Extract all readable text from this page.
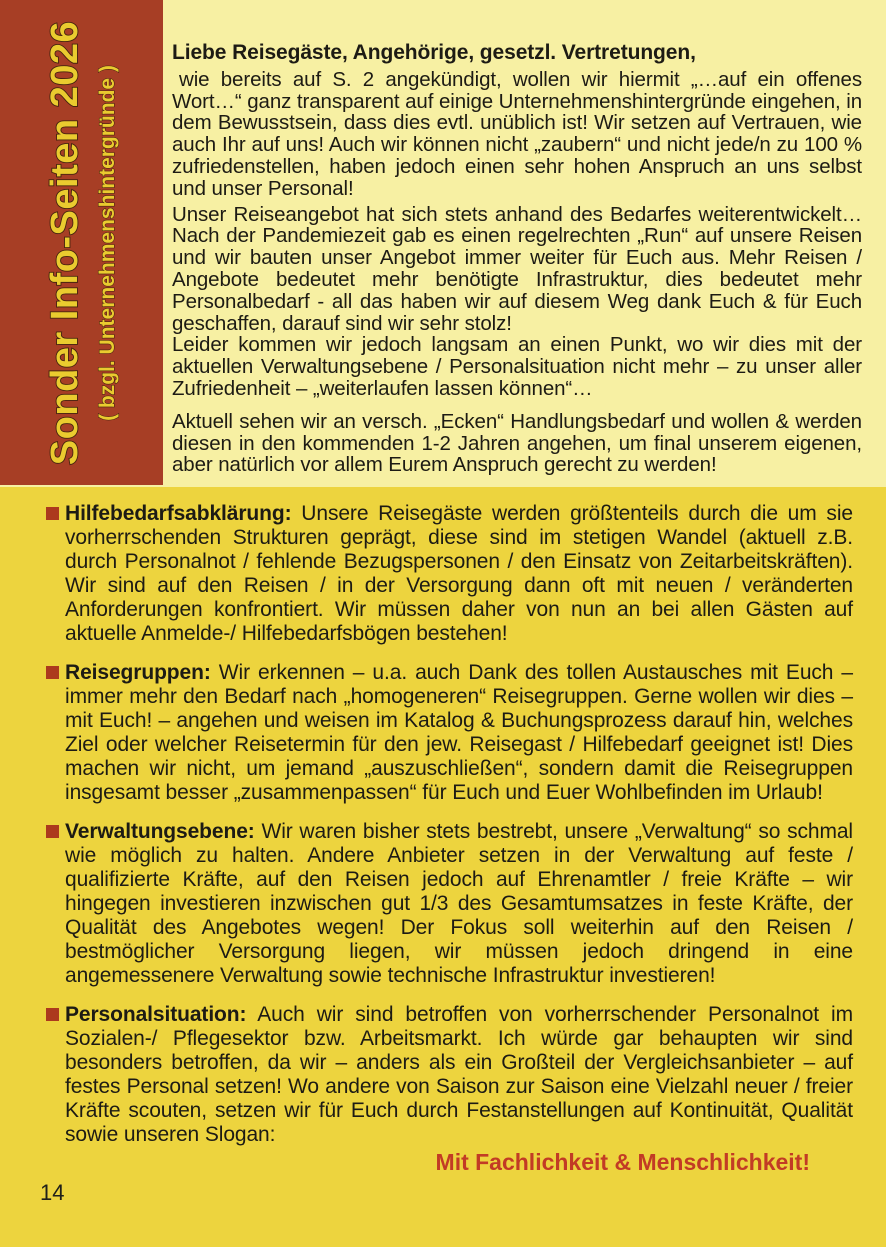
Liebe Reisegäste, Angehörige, gesetzl. Vertretungen,

wie bereits auf S. 2 angekündigt, wollen wir hiermit „…auf ein offenes Wort…“ ganz transparent auf einige Unternehmenshintergründe eingehen, in dem Bewusstsein, dass dies evtl. unüblich ist! Wir setzen auf Vertrauen, wie auch Ihr auf uns! Auch wir können nicht „zaubern“ und nicht jede/n zu 100 % zufriedenstellen, haben jedoch einen sehr hohen Anspruch an uns selbst und unser Personal!

Unser Reiseangebot hat sich stets anhand des Bedarfes weiterentwickelt… Nach der Pandemiezeit gab es einen regelrechten „Run“ auf unsere Reisen und wir bauten unser Angebot immer weiter für Euch aus. Mehr Reisen / Angebote bedeutet mehr benötigte Infrastruktur, dies bedeutet mehr Personalbedarf - all das haben wir auf diesem Weg dank Euch & für Euch geschaffen, darauf sind wir sehr stolz!

Leider kommen wir jedoch langsam an einen Punkt, wo wir dies mit der aktuellen Verwaltungsebene / Personalsituation nicht mehr – zu unser aller Zufriedenheit – „weiterlaufen lassen können“…

Aktuell sehen wir an versch. „Ecken“ Handlungsbedarf und wollen & werden diesen in den kommenden 1-2 Jahren angehen, um final unserem eigenen, aber natürlich vor allem Eurem Anspruch gerecht zu werden!

Sonder Info-Seiten 2026 ( bzgl. Unternehmenshintergründe )
Hilfebedarfsabklärung: Unsere Reisegäste werden größtenteils durch die um sie vorherrschenden Strukturen geprägt, diese sind im stetigen Wandel (aktuell z.B. durch Personalnot / fehlende Bezugspersonen / den Einsatz von Zeitarbeitskräften). Wir sind auf den Reisen / in der Versorgung dann oft mit neuen / veränderten Anforderungen konfrontiert. Wir müssen daher von nun an bei allen Gästen auf aktuelle Anmelde-/ Hilfebedarfsbögen bestehen!
Reisegruppen: Wir erkennen – u.a. auch Dank des tollen Austausches mit Euch – immer mehr den Bedarf nach „homogeneren“ Reisegruppen. Gerne wollen wir dies – mit Euch! – angehen und weisen im Katalog & Buchungsprozess darauf hin, welches Ziel oder welcher Reisetermin für den jew. Reisegast / Hilfebedarf geeignet ist! Dies machen wir nicht, um jemand „auszuschließen“, sondern damit die Reisegruppen insgesamt besser „zusammenpassen“ für Euch und Euer Wohlbefinden im Urlaub!
Verwaltungsebene: Wir waren bisher stets bestrebt, unsere „Verwaltung“ so schmal wie möglich zu halten. Andere Anbieter setzen in der Verwaltung auf feste / qualifizierte Kräfte, auf den Reisen jedoch auf Ehrenamtler / freie Kräfte – wir hingegen investieren inzwischen gut 1/3 des Gesamtumsatzes in feste Kräfte, der Qualität des Angebotes wegen! Der Fokus soll weiterhin auf den Reisen / bestmöglicher Versorgung liegen, wir müssen jedoch dringend in eine angemessenere Verwaltung sowie technische Infrastruktur investieren!
Personalsituation: Auch wir sind betroffen von vorherrschender Personalnot im Sozialen-/ Pflegesektor bzw. Arbeitsmarkt. Ich würde gar behaupten wir sind besonders betroffen, da wir – anders als ein Großteil der Vergleichsanbieter – auf festes Personal setzen! Wo andere von Saison zur Saison eine Vielzahl neuer / freier Kräfte scouten, setzen wir für Euch durch Festanstellungen auf Kontinuität, Qualität sowie unseren Slogan:
Mit Fachlichkeit & Menschlichkeit!
14
